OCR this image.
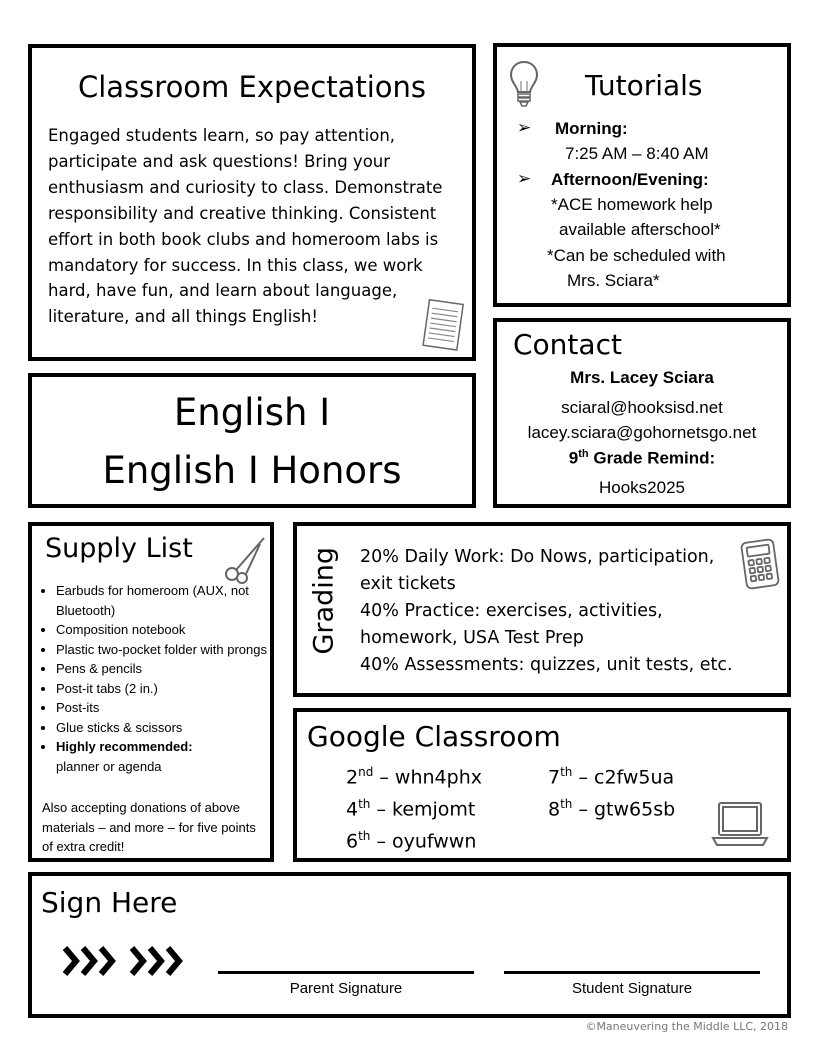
Classroom Expectations
Engaged students learn, so pay attention, participate and ask questions! Bring your enthusiasm and curiosity to class. Demonstrate responsibility and creative thinking. Consistent effort in both book clubs and homeroom labs is mandatory for success. In this class, we work hard, have fun, and learn about language, literature, and all things English!
Tutorials
➢ Morning:
7:25 AM – 8:40 AM
➢ Afternoon/Evening:
*ACE homework help
available afterschool*
*Can be scheduled with
Mrs. Sciara*
Contact
Mrs. Lacey Sciara
sciaral@hooksisd.net
lacey.sciara@gohornetsgo.net
9th Grade Remind:
Hooks2025
English I
English I Honors
Supply List
• Earbuds for homeroom (AUX, not Bluetooth)
• Composition notebook
• Plastic two-pocket folder with prongs
• Pens & pencils
• Post-it tabs (2 in.)
• Post-its
• Glue sticks & scissors
• Highly recommended:
planner or agenda
Also accepting donations of above materials – and more – for five points of extra credit!
Grading 20% Daily Work: Do Nows, participation, exit tickets
40% Practice: exercises, activities, homework, USA Test Prep
40% Assessments: quizzes, unit tests, etc.
Google Classroom
2nd – whn4phx
4th – kemjomt
6th – oyufwwn
7th – c2fw5ua
8th – gtw65sb
Sign Here
Parent Signature	Student Signature
©Maneuvering the Middle LLC, 2018
